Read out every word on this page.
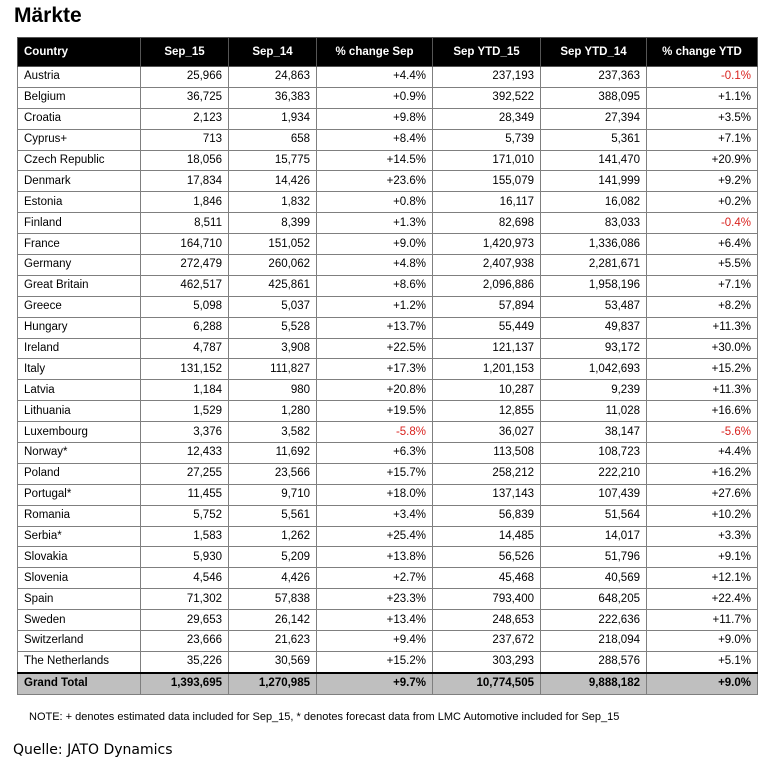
Märkte
Country	Sep_15	Sep_14	% change Sep	Sep YTD_15	Sep YTD_14	% change YTD
Austria	25,966	24,863	+4.4%	237,193	237,363	-0.1%
Belgium	36,725	36,383	+0.9%	392,522	388,095	+1.1%
Croatia	2,123	1,934	+9.8%	28,349	27,394	+3.5%
Cyprus+	713	658	+8.4%	5,739	5,361	+7.1%
Czech Republic	18,056	15,775	+14.5%	171,010	141,470	+20.9%
Denmark	17,834	14,426	+23.6%	155,079	141,999	+9.2%
Estonia	1,846	1,832	+0.8%	16,117	16,082	+0.2%
Finland	8,511	8,399	+1.3%	82,698	83,033	-0.4%
France	164,710	151,052	+9.0%	1,420,973	1,336,086	+6.4%
Germany	272,479	260,062	+4.8%	2,407,938	2,281,671	+5.5%
Great Britain	462,517	425,861	+8.6%	2,096,886	1,958,196	+7.1%
Greece	5,098	5,037	+1.2%	57,894	53,487	+8.2%
Hungary	6,288	5,528	+13.7%	55,449	49,837	+11.3%
Ireland	4,787	3,908	+22.5%	121,137	93,172	+30.0%
Italy	131,152	111,827	+17.3%	1,201,153	1,042,693	+15.2%
Latvia	1,184	980	+20.8%	10,287	9,239	+11.3%
Lithuania	1,529	1,280	+19.5%	12,855	11,028	+16.6%
Luxembourg	3,376	3,582	-5.8%	36,027	38,147	-5.6%
Norway*	12,433	11,692	+6.3%	113,508	108,723	+4.4%
Poland	27,255	23,566	+15.7%	258,212	222,210	+16.2%
Portugal*	11,455	9,710	+18.0%	137,143	107,439	+27.6%
Romania	5,752	5,561	+3.4%	56,839	51,564	+10.2%
Serbia*	1,583	1,262	+25.4%	14,485	14,017	+3.3%
Slovakia	5,930	5,209	+13.8%	56,526	51,796	+9.1%
Slovenia	4,546	4,426	+2.7%	45,468	40,569	+12.1%
Spain	71,302	57,838	+23.3%	793,400	648,205	+22.4%
Sweden	29,653	26,142	+13.4%	248,653	222,636	+11.7%
Switzerland	23,666	21,623	+9.4%	237,672	218,094	+9.0%
The Netherlands	35,226	30,569	+15.2%	303,293	288,576	+5.1%
Grand Total	1,393,695	1,270,985	+9.7%	10,774,505	9,888,182	+9.0%
NOTE: + denotes estimated data included for Sep_15, * denotes forecast data from LMC Automotive included for Sep_15
Quelle: JATO Dynamics
